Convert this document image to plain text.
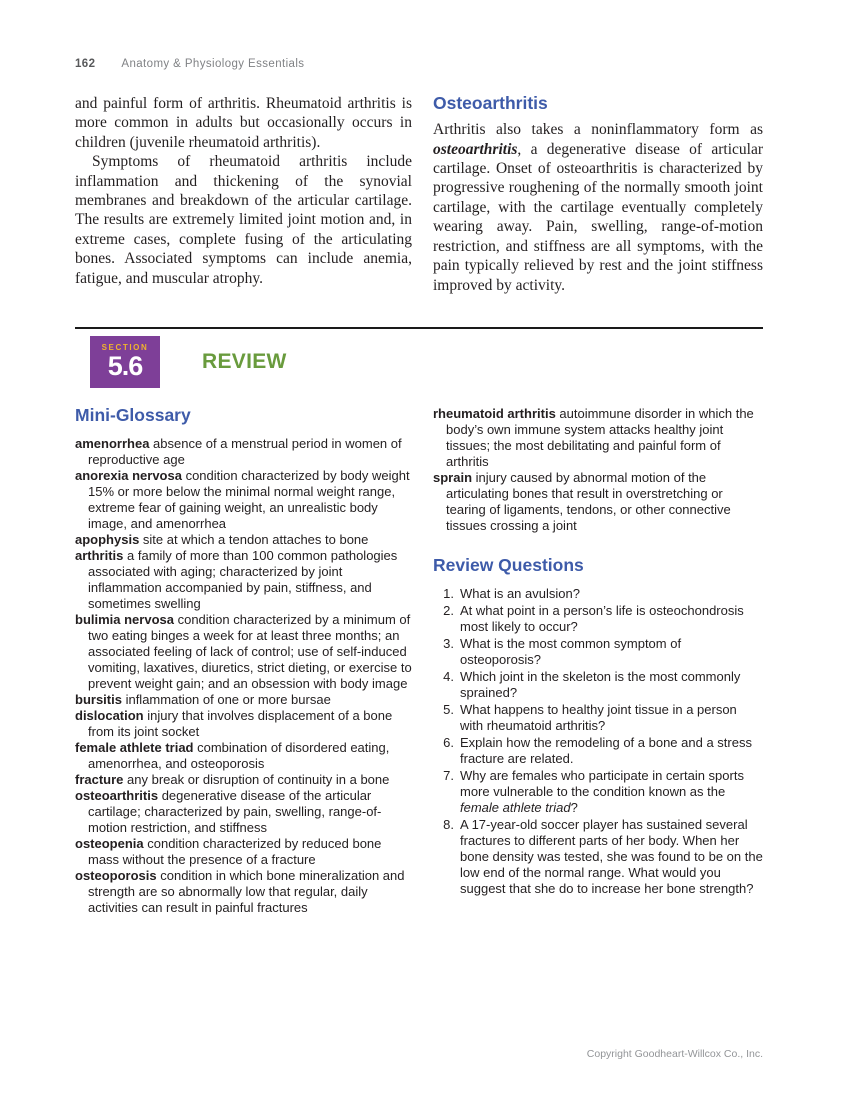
162 Anatomy & Physiology Essentials

and painful form of arthritis. Rheumatoid arthritis is more common in adults but occasionally occurs in children (juvenile rheumatoid arthritis).

Symptoms of rheumatoid arthritis include inflammation and thickening of the synovial membranes and breakdown of the articular cartilage. The results are extremely limited joint motion and, in extreme cases, complete fusing of the articulating bones. Associated symptoms can include anemia, fatigue, and muscular atrophy.

Osteoarthritis

Arthritis also takes a noninflammatory form as osteoarthritis, a degenerative disease of articular cartilage. Onset of osteoarthritis is characterized by progressive roughening of the normally smooth joint cartilage, with the cartilage eventually completely wearing away. Pain, swelling, range-of-motion restriction, and stiffness are all symptoms, with the pain typically relieved by rest and the joint stiffness improved by activity.

SECTION
5.6	REVIEW
Mini-Glossary
amenorrhea absence of a menstrual period in women of reproductive age
anorexia nervosa condition characterized by body weight 15% or more below the minimal normal weight range, extreme fear of gaining weight, an unrealistic body image, and amenorrhea
apophysis site at which a tendon attaches to bone
arthritis a family of more than 100 common pathologies associated with aging; characterized by joint inflammation accompanied by pain, stiffness, and sometimes swelling
bulimia nervosa condition characterized by a minimum of two eating binges a week for at least three months; an associated feeling of lack of control; use of self-induced vomiting, laxatives, diuretics, strict dieting, or exercise to prevent weight gain; and an obsession with body image
bursitis inflammation of one or more bursae
dislocation injury that involves displacement of a bone from its joint socket
female athlete triad combination of disordered eating, amenorrhea, and osteoporosis
fracture any break or disruption of continuity in a bone
osteoarthritis degenerative disease of the articular cartilage; characterized by pain, swelling, range-of-motion restriction, and stiffness
osteopenia condition characterized by reduced bone mass without the presence of a fracture
osteoporosis condition in which bone mineralization and strength are so abnormally low that regular, daily activities can result in painful fractures
rheumatoid arthritis autoimmune disorder in which the body’s own immune system attacks healthy joint tissues; the most debilitating and painful form of arthritis
sprain injury caused by abnormal motion of the articulating bones that result in overstretching or tearing of ligaments, tendons, or other connective tissues crossing a joint
Review Questions
1. What is an avulsion?
2. At what point in a person’s life is osteochondrosis most likely to occur?
3. What is the most common symptom of osteoporosis?
4. Which joint in the skeleton is the most commonly sprained?
5. What happens to healthy joint tissue in a person with rheumatoid arthritis?
6. Explain how the remodeling of a bone and a stress fracture are related.
7. Why are females who participate in certain sports more vulnerable to the condition known as the female athlete triad?
8. A 17-year-old soccer player has sustained several fractures to different parts of her body. When her bone density was tested, she was found to be on the low end of the normal range. What would you suggest that she do to increase her bone strength?
Copyright Goodheart-Willcox Co., Inc.
